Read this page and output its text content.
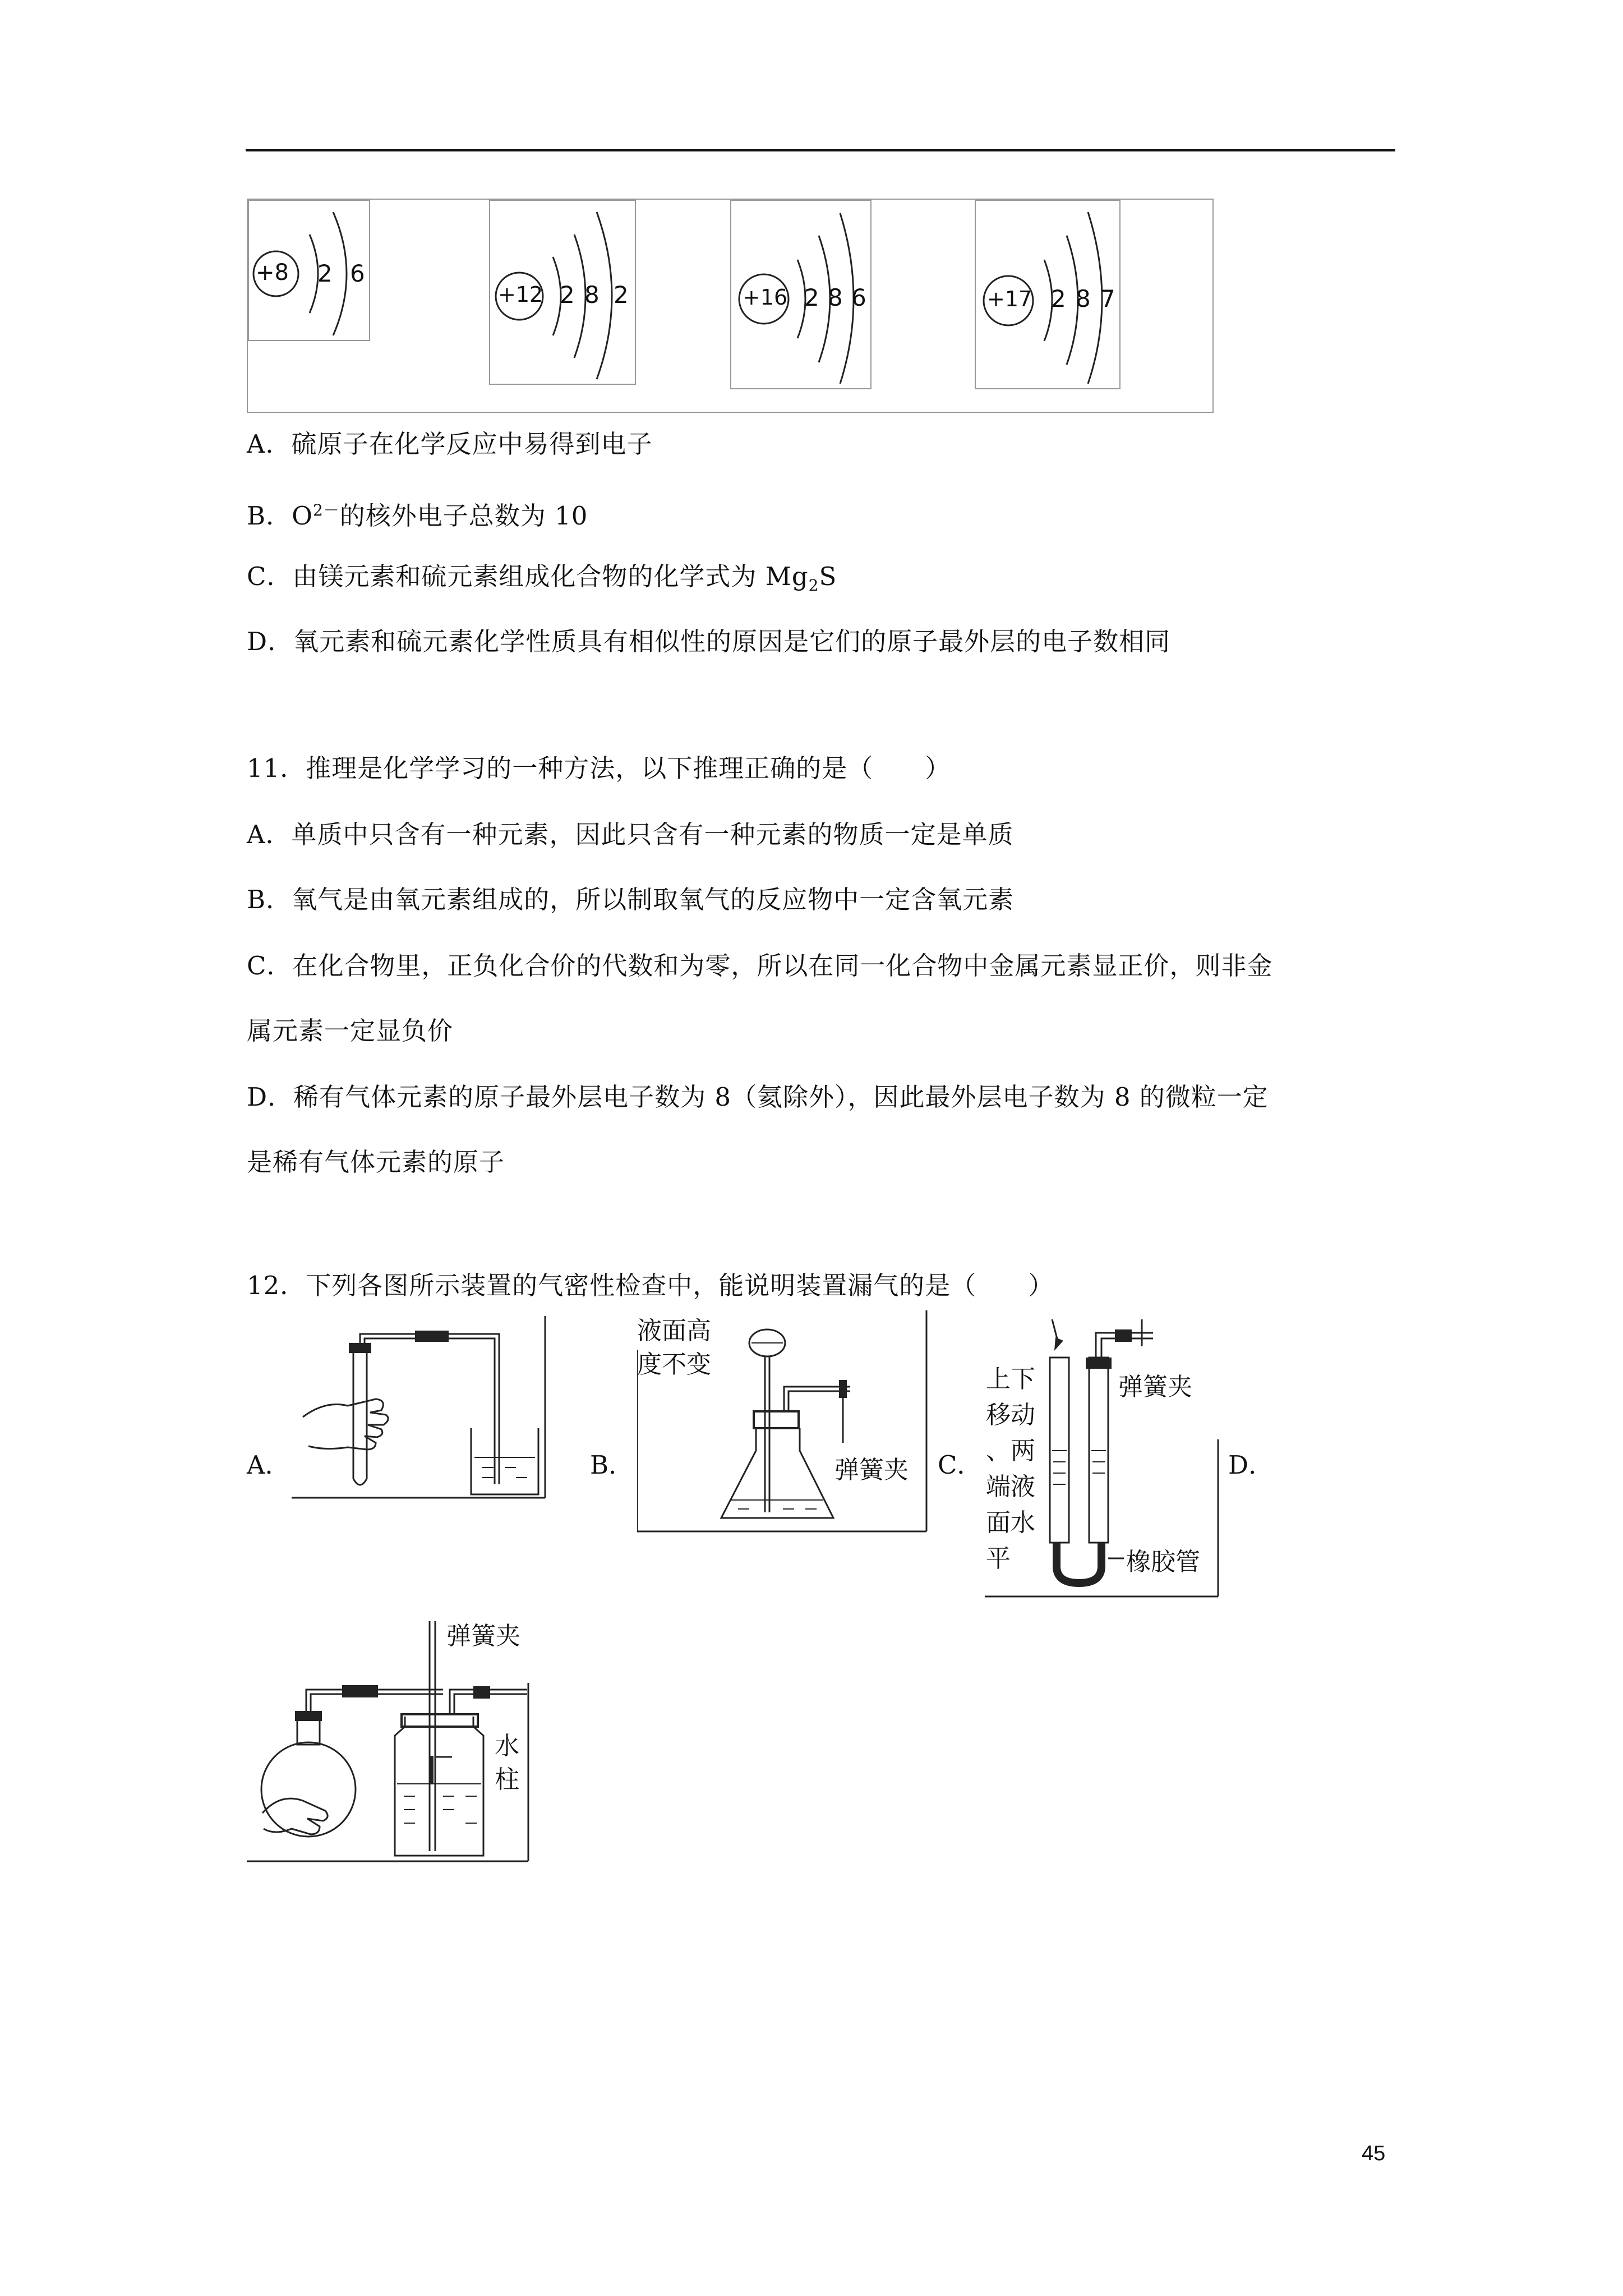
+8 2 6
+12 2 8 2	+16 2 8 6	+17 2 8 7
A．硫原子在化学反应中易得到电子
B．$O^{2-}$的核外电子总数为 10
C．由镁元素和硫元素组成化合物的化学式为 $Mg_2S$
D．氧元素和硫元素化学性质具有相似性的原因是它们的原子最外层的电子数相同
11．推理是化学学习的一种方法，以下推理正确的是（　　）
A．单质中只含有一种元素，因此只含有一种元素的物质一定是单质
B．氧气是由氧元素组成的，所以制取氧气的反应物中一定含氧元素
C．在化合物里，正负化合价的代数和为零，所以在同一化合物中金属元素显正价，则非金
属元素一定显负价
D．稀有气体元素的原子最外层电子数为 8（氦除外），因此最外层电子数为 8 的微粒一定
是稀有气体元素的原子
12．下列各图所示装置的气密性检查中，能说明装置漏气的是（　　）
A．	B．	C．	D．
液面高
度不变
弹簧夹
上下
移动
、两
端液
面水
平
弹簧夹
橡胶管
弹簧夹
水
柱
45
